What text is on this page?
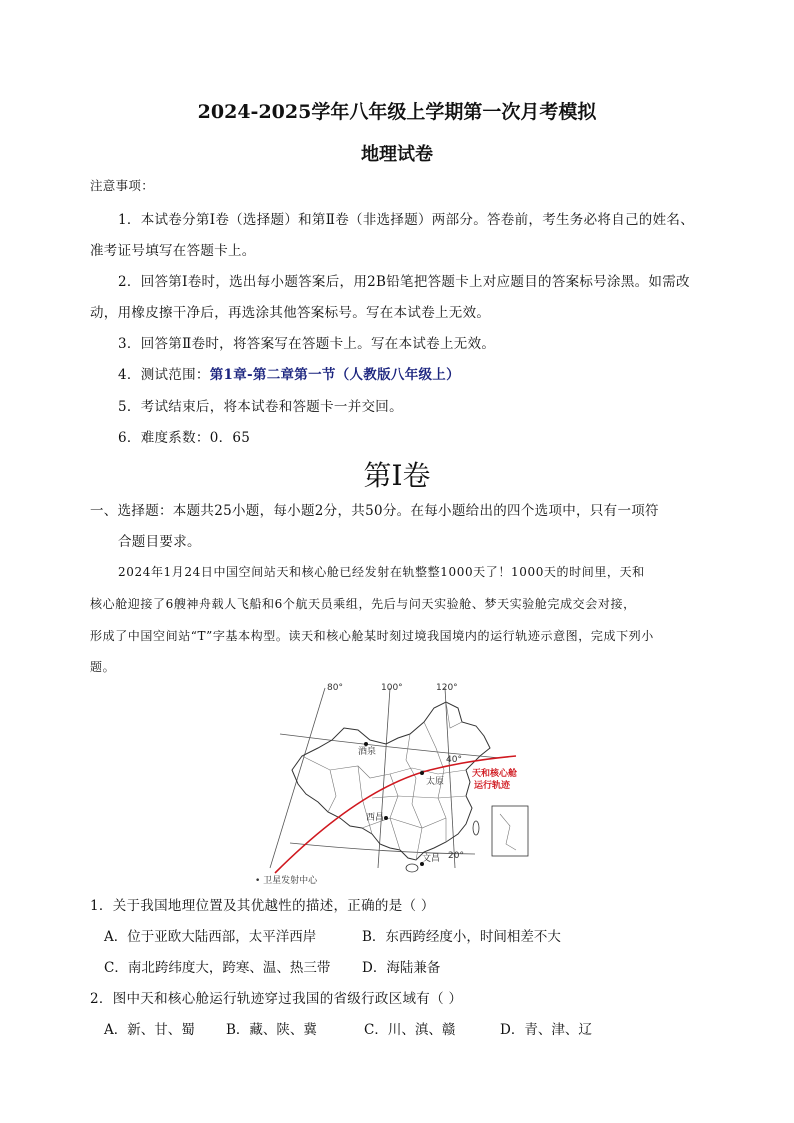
2024-2025学年八年级上学期第一次月考模拟
地理试卷
注意事项：
1．本试卷分第Ⅰ卷（选择题）和第Ⅱ卷（非选择题）两部分。答卷前，考生务必将自己的姓名、
准考证号填写在答题卡上。
2．回答第Ⅰ卷时，选出每小题答案后，用2B铅笔把答题卡上对应题目的答案标号涂黑。如需改
动，用橡皮擦干净后，再选涂其他答案标号。写在本试卷上无效。
3．回答第Ⅱ卷时，将答案写在答题卡上。写在本试卷上无效。
4．测试范围：第1章-第二章第一节（人教版八年级上）
5．考试结束后，将本试卷和答题卡一并交回。
6．难度系数：0．65
第Ⅰ卷
一、选择题：本题共25小题，每小题2分，共50分。在每小题给出的四个选项中，只有一项符
合题目要求。
2024年1月24日中国空间站天和核心舱已经发射在轨整整1000天了！1000天的时间里，天和
核心舱迎接了6艘神舟载人飞船和6个航天员乘组，先后与问天实验舱、梦天实验舱完成交会对接，
形成了中国空间站“T”字基本构型。读天和核心舱某时刻过境我国境内的运行轨迹示意图，完成下列小
题。
80°	100°	120°
40°
20°
酒泉
太原
西昌
文昌
天和核心舱
运行轨迹
• 卫星发射中心
1．关于我国地理位置及其优越性的描述，正确的是（ ）
A．位于亚欧大陆西部，太平洋西岸	B．东西跨经度小，时间相差不大
C．南北跨纬度大，跨寒、温、热三带 D．海陆兼备
2．图中天和核心舱运行轨迹穿过我国的省级行政区域有（ ）
A．新、甘、蜀 B．藏、陕、冀	C．川、滇、赣	D．青、津、辽
